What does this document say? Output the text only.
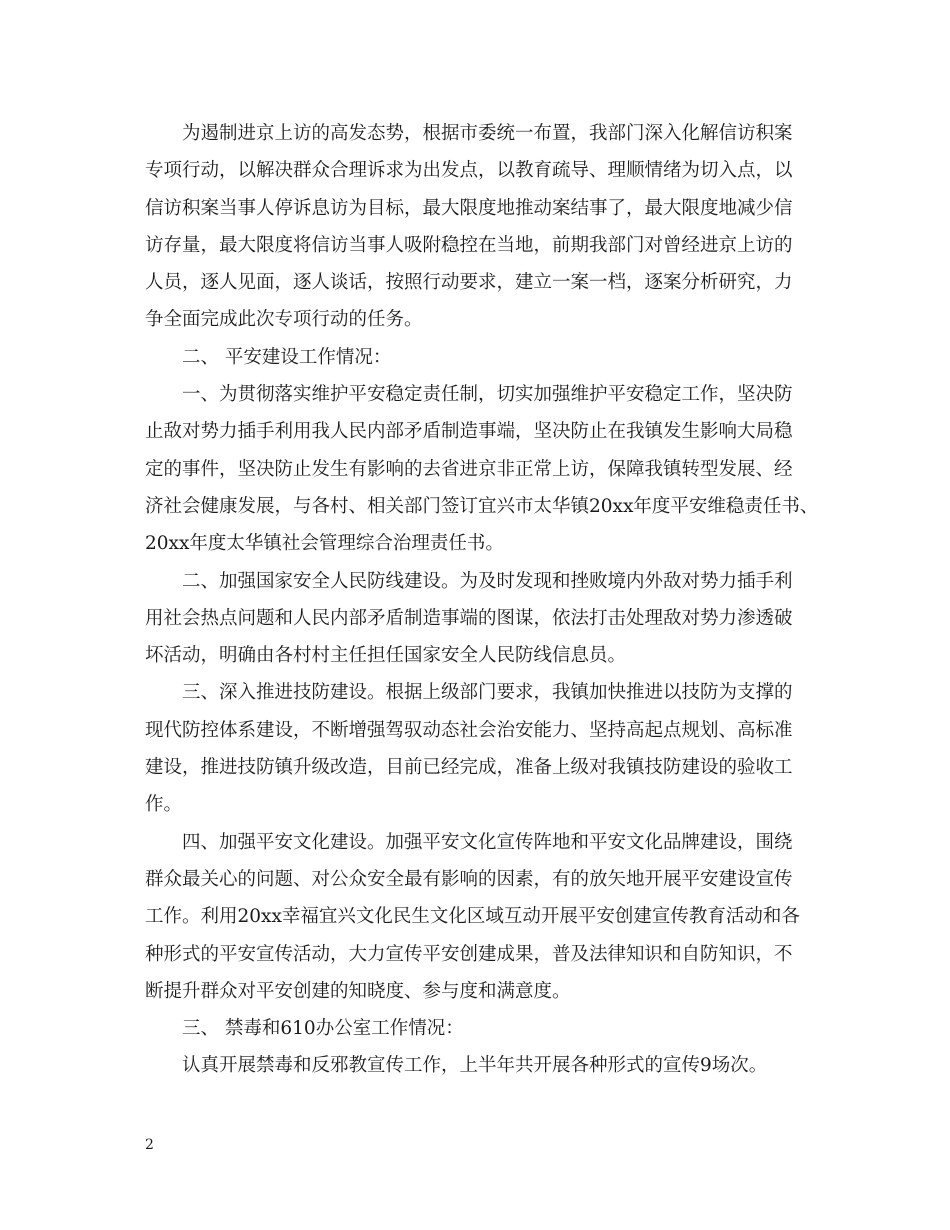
为遏制进京上访的高发态势，根据市委统一布置，我部门深入化解信访积案
专项行动，以解决群众合理诉求为出发点，以教育疏导、理顺情绪为切入点，以
信访积案当事人停诉息访为目标，最大限度地推动案结事了，最大限度地减少信
访存量，最大限度将信访当事人吸附稳控在当地，前期我部门对曾经进京上访的
人员，逐人见面，逐人谈话，按照行动要求，建立一案一档，逐案分析研究，力
争全面完成此次专项行动的任务。
二、 平安建设工作情况：
一、为贯彻落实维护平安稳定责任制，切实加强维护平安稳定工作，坚决防
止敌对势力插手利用我人民内部矛盾制造事端，坚决防止在我镇发生影响大局稳
定的事件，坚决防止发生有影响的去省进京非正常上访，保障我镇转型发展、经
济社会健康发展，与各村、相关部门签订宜兴市太华镇20xx年度平安维稳责任书、
20xx年度太华镇社会管理综合治理责任书。
二、加强国家安全人民防线建设。为及时发现和挫败境内外敌对势力插手利
用社会热点问题和人民内部矛盾制造事端的图谋，依法打击处理敌对势力渗透破
坏活动，明确由各村村主任担任国家安全人民防线信息员。
三、深入推进技防建设。根据上级部门要求，我镇加快推进以技防为支撑的
现代防控体系建设，不断增强驾驭动态社会治安能力、坚持高起点规划、高标准
建设，推进技防镇升级改造，目前已经完成，准备上级对我镇技防建设的验收工
作。
四、加强平安文化建设。加强平安文化宣传阵地和平安文化品牌建设，围绕
群众最关心的问题、对公众安全最有影响的因素，有的放矢地开展平安建设宣传
工作。利用20xx幸福宜兴文化民生文化区域互动开展平安创建宣传教育活动和各
种形式的平安宣传活动，大力宣传平安创建成果，普及法律知识和自防知识，不
断提升群众对平安创建的知晓度、参与度和满意度。
三、 禁毒和610办公室工作情况：
认真开展禁毒和反邪教宣传工作，上半年共开展各种形式的宣传9场次。
2
